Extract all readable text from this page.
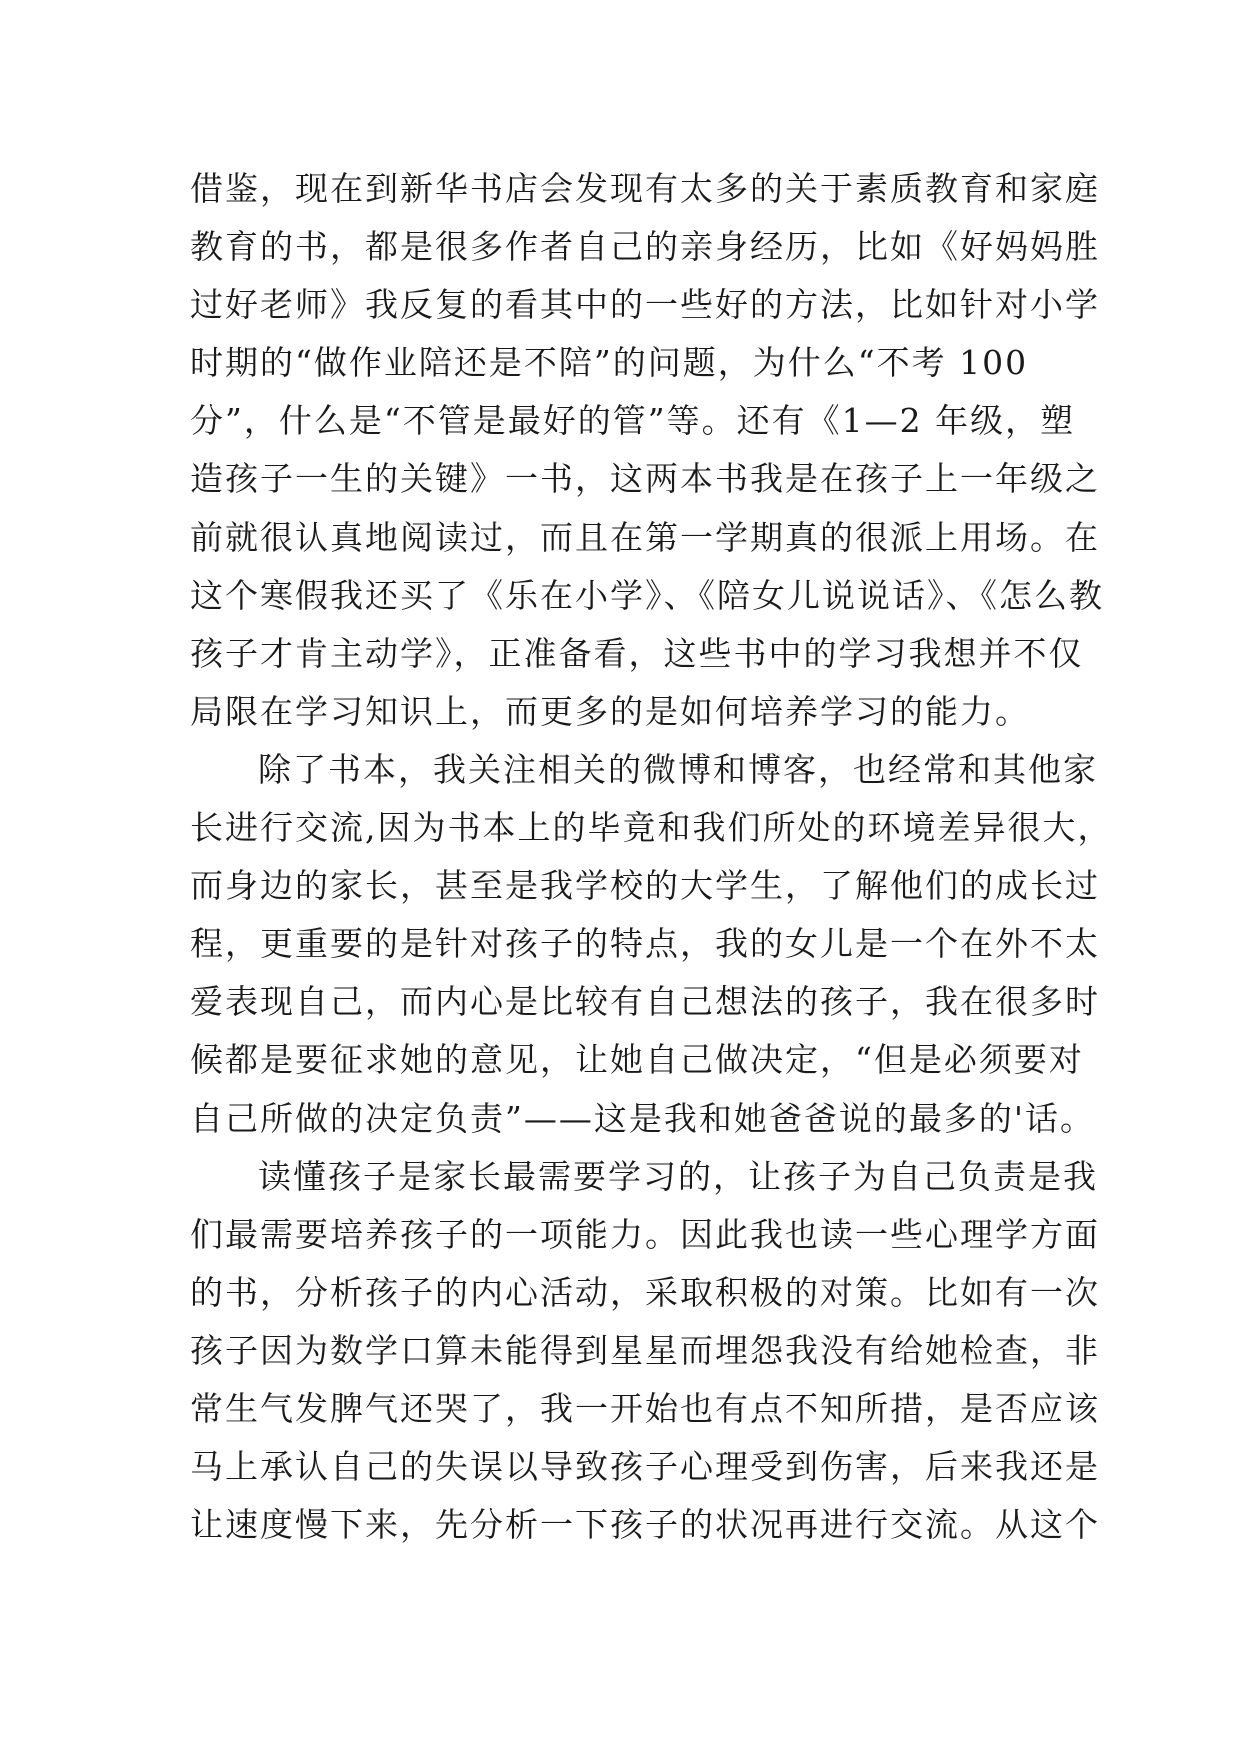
借鉴，现在到新华书店会发现有太多的关于素质教育和家庭
教育的书，都是很多作者自己的亲身经历，比如《好妈妈胜
过好老师》我反复的看其中的一些好的方法，比如针对小学
时期的“做作业陪还是不陪”的问题，为什么“不考 100
分”，什么是“不管是最好的管”等。还有《1—2 年级，塑
造孩子一生的关键》一书，这两本书我是在孩子上一年级之
前就很认真地阅读过，而且在第一学期真的很派上用场。在
这个寒假我还买了《乐在小学》、《陪女儿说说话》、《怎么教
孩子才肯主动学》，正准备看，这些书中的学习我想并不仅
局限在学习知识上，而更多的是如何培养学习的能力。
除了书本，我关注相关的微博和博客，也经常和其他家
长进行交流,因为书本上的毕竟和我们所处的环境差异很大，
而身边的家长，甚至是我学校的大学生，了解他们的成长过
程，更重要的是针对孩子的特点，我的女儿是一个在外不太
爱表现自己，而内心是比较有自己想法的孩子，我在很多时
候都是要征求她的意见，让她自己做决定，“但是必须要对
自己所做的决定负责”——这是我和她爸爸说的最多的'话。
读懂孩子是家长最需要学习的，让孩子为自己负责是我
们最需要培养孩子的一项能力。因此我也读一些心理学方面
的书，分析孩子的内心活动，采取积极的对策。比如有一次
孩子因为数学口算未能得到星星而埋怨我没有给她检查，非
常生气发脾气还哭了，我一开始也有点不知所措，是否应该
马上承认自己的失误以导致孩子心理受到伤害，后来我还是
让速度慢下来，先分析一下孩子的状况再进行交流。从这个
